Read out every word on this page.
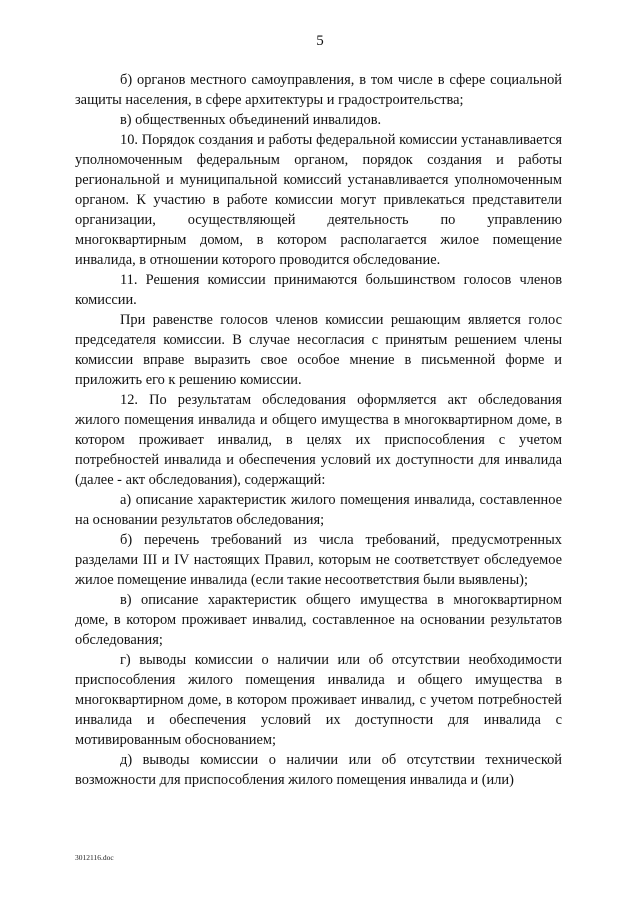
5

б) органов местного самоуправления, в том числе в сфере социальной защиты населения, в сфере архитектуры и градостроительства;

в) общественных объединений инвалидов.

10. Порядок создания и работы федеральной комиссии устанавливается уполномоченным федеральным органом, порядок создания и работы региональной и муниципальной комиссий устанавливается уполномоченным органом. К участию в работе комиссии могут привлекаться представители организации, осуществляющей деятельность по управлению многоквартирным домом, в котором располагается жилое помещение инвалида, в отношении которого проводится обследование.

11. Решения комиссии принимаются большинством голосов членов комиссии.

При равенстве голосов членов комиссии решающим является голос председателя комиссии. В случае несогласия с принятым решением члены комиссии вправе выразить свое особое мнение в письменной форме и приложить его к решению комиссии.

12. По результатам обследования оформляется акт обследования жилого помещения инвалида и общего имущества в многоквартирном доме, в котором проживает инвалид, в целях их приспособления с учетом потребностей инвалида и обеспечения условий их доступности для инвалида (далее - акт обследования), содержащий:

а) описание характеристик жилого помещения инвалида, составленное на основании результатов обследования;

б) перечень требований из числа требований, предусмотренных разделами III и IV настоящих Правил, которым не соответствует обследуемое жилое помещение инвалида (если такие несоответствия были выявлены);

в) описание характеристик общего имущества в многоквартирном доме, в котором проживает инвалид, составленное на основании результатов обследования;

г) выводы комиссии о наличии или об отсутствии необходимости приспособления жилого помещения инвалида и общего имущества в многоквартирном доме, в котором проживает инвалид, с учетом потребностей инвалида и обеспечения условий их доступности для инвалида с мотивированным обоснованием;

д) выводы комиссии о наличии или об отсутствии технической возможности для приспособления жилого помещения инвалида и (или)

3012116.doc
